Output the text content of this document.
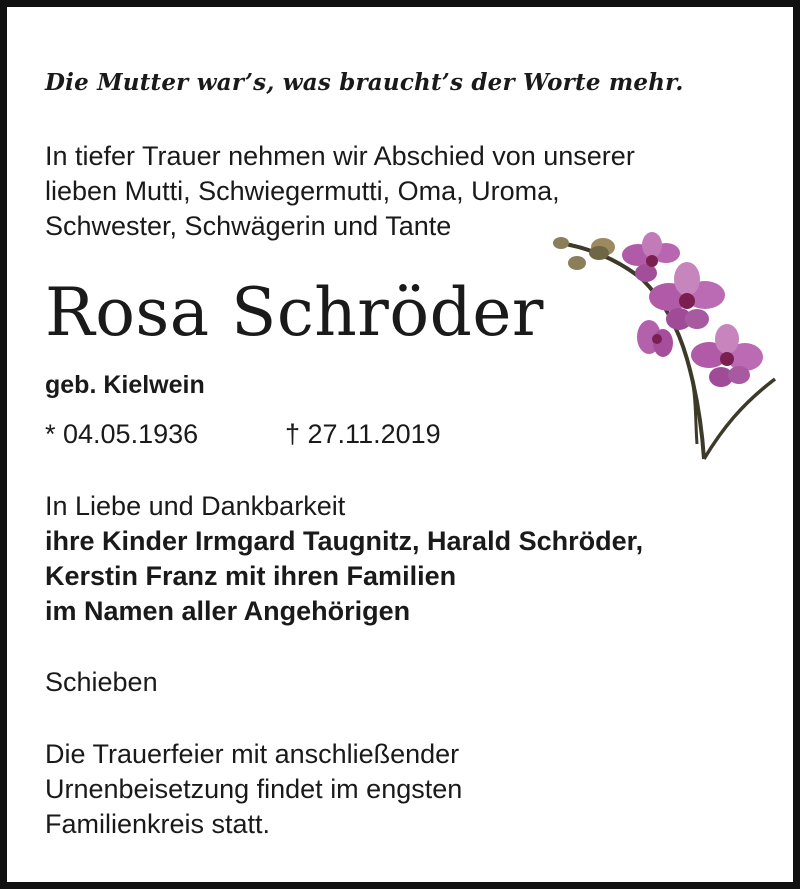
Die Mutter war’s, was braucht’s der Worte mehr.
In tiefer Trauer nehmen wir Abschied von unserer
lieben Mutti, Schwiegermutti, Oma, Uroma,
Schwester, Schwägerin und Tante
Rosa Schröder
geb. Kielwein
* 04.05.1936	† 27.11.2019
In Liebe und Dankbarkeit
ihre Kinder Irmgard Taugnitz, Harald Schröder,
Kerstin Franz mit ihren Familien
im Namen aller Angehörigen
Schieben
Die Trauerfeier mit anschließender
Urnenbeisetzung findet im engsten
Familienkreis statt.
